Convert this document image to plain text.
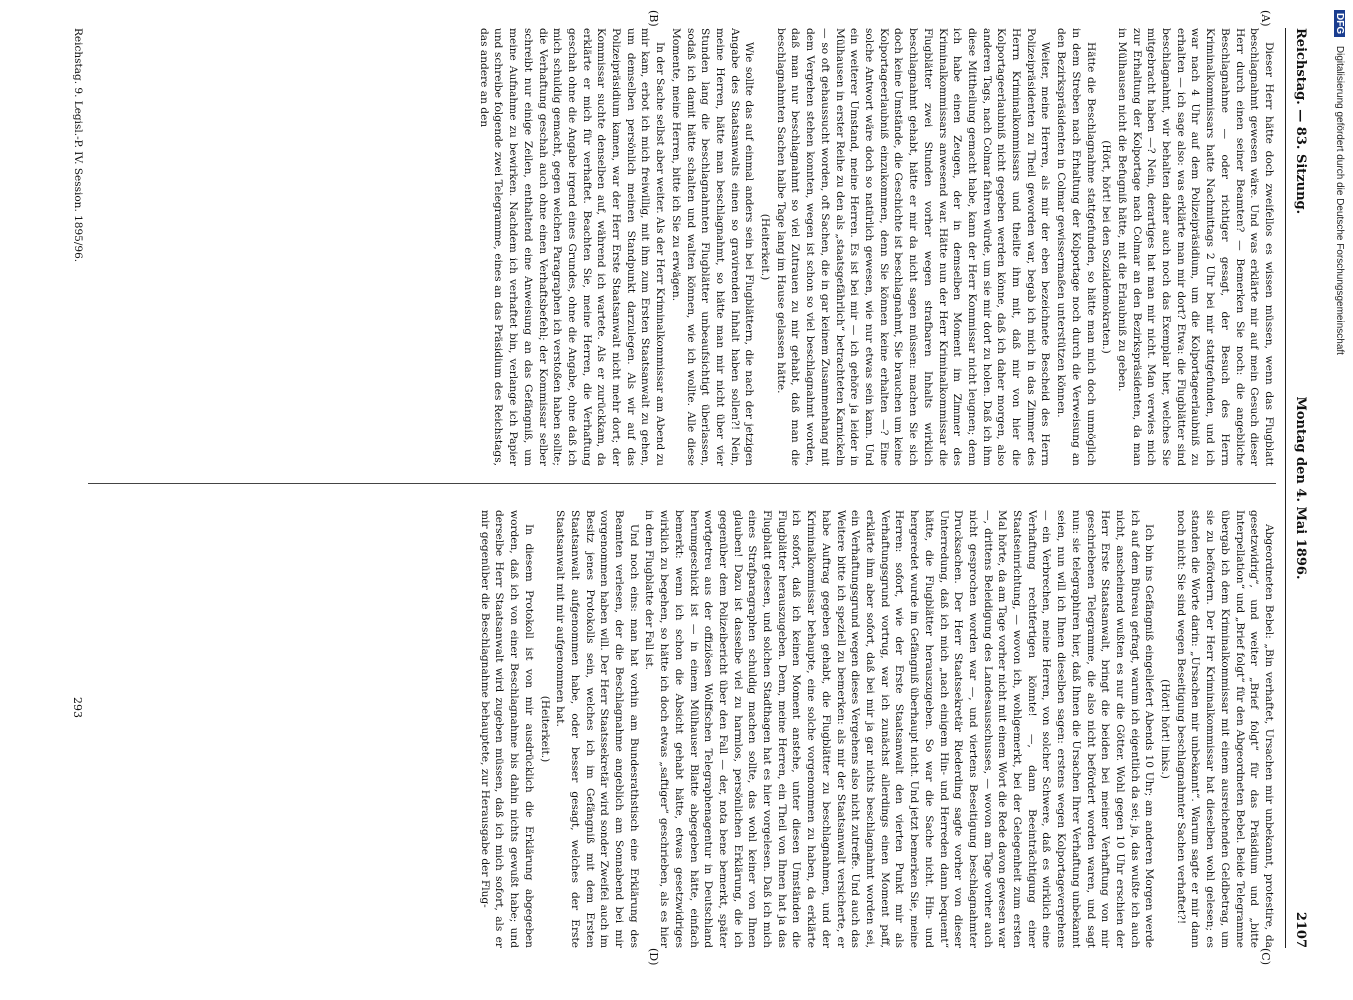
Reichstag. — 83. Sitzung.
Montag den 4. Mai 1896.
2107
(A)
(B)
(C)
(D)

Dieser Herr hätte doch zweifellos es wissen müssen, wenn das Flugblatt beschlagnahmt gewesen wäre. Und was erklärte mir auf mein Gesuch dieser Herr durch einen seiner Beamten? — Bemerken Sie noch: die angebliche Beschlagnahme — oder richtiger gesagt, der Besuch des Herrn Kriminalkommissars hatte Nachmittags 2 Uhr bei mir stattgefunden, und ich war nach 4 Uhr auf dem Polizeipräsidium, um die Kolportageerlaubniß zu erhalten — ich sage also: was erklärte man mir dort? Etwa: die Flugblätter sind beschlagnahmt, wir behalten daher auch noch das Exemplar hier, welches Sie mitgebracht haben —? Nein, derartiges hat man mir nicht. Man verwies mich zur Erhaltung der Kolportage nach Colmar an den Bezirkspräsidenten, da man in Mülhausen nicht die Befugniß hätte, mit die Erlaubniß zu geben.

(Hört, hört! bei den Sozialdemokraten.)

Hätte die Beschlagnahme stattgefunden, so hätte man mich doch unmöglich in dem Streben nach Erhaltung der Kolportage noch durch die Verweisung an den Bezirkspräsidenten in Colmar gewissermaßen unterstützen können.

Weiter, meine Herren, als mir der eben bezeichnete Bescheid des Herrn Polizeipräsidenten zu Theil geworden war, begab ich mich in das Zimmer des Herrn Kriminalkommissars und theilte ihm mit, daß mir von hier die Kolportageerlaubniß nicht gegeben werden könne, daß ich daher morgen, also anderen Tags, nach Colmar fahren würde, um sie mir dort zu holen. Daß ich ihm diese Mittheilung gemacht habe, kann der Herr Kommissar nicht leugnen; denn ich habe einen Zeugen, der in demselben Moment im Zimmer des Kriminalkommissars anwesend war. Hätte nun der Herr Kriminalkommissar die Flugblätter zwei Stunden vorher wegen strafbaren Inhalts wirklich beschlagnahmt gehabt, hätte er mir da nicht sagen müssen: machen Sie sich doch keine Umstände, die Geschichte ist beschlagnahmt, Sie brauchen um keine Kolportageerlaubniß einzukommen, denn Sie können keine erhalten —? Eine solche Antwort wäre doch so natürlich gewesen, wie nur etwas sein kann. Und ein weiterer Umstand, meine Herren. Es ist bei mir — ich gehöre ja leider in Mülhausen in erster Reihe zu den als „staatsgefährlich“ betrachteten Karnickeln — so oft gehaussucht worden, oft Sachen, die in gar keinem Zusammenhang mit dem Vergehen stehen konnten, wegen ist schon so viel beschlagnahmt worden, daß man nur beschlagnahmt so viel Zutrauen zu mir gehabt, daß man die beschlagnahmten Sachen halbe Tage lang im Hause gelassen hätte.

(Heiterkeit.)

Wie sollte das auf einmal anders sein bei Flugblättern, die nach der jetzigen Angabe des Staatsanwalts einen so gravirenden Inhalt haben sollen?! Nein, meine Herren, hätte man beschlagnahmt, so hätte man mir nicht über vier Stunden lang die beschlagnahmten Flugblätter unbeaufsichtigt überlassen, sodaß ich damit hätte schalten und walten können, wie ich wollte. Alle diese Momente, meine Herren, bitte ich Sie zu erwägen.

In der Sache selbst aber weiter. Als der Herr Kriminalkommissar am Abend zu mir kam, erbot ich mich freiwillig, mit ihm zum Ersten Staatsanwalt zu gehen, um demselben persönlich meinen Standpunkt darzulegen. Als wir auf das Polizeipräsidium kamen, war der Herr Erste Staatsanwalt nicht mehr dort; der Kommissar suchte denselben auf, während ich wartete. Als er zurückkam, da erklärte er mich für verhaftet. Beachten Sie, meine Herren, die Verhaftung geschah ohne die Angabe irgend eines Grundes, ohne die Angabe, ohne daß ich mich schuldig gemacht, gegen welchen Paragraphen ich verstoßen haben sollte; die Verhaftung geschah auch ohne einen Verhaftsbefehl; der Kommissar selber schreibt nur einige Zeilen, enthaltend eine Anweisung an das Gefängniß, um meine Aufnahme zu bewirken. Nachdem ich verhaftet bin, verlange ich Papier und schreibe folgende zwei Telegramme, eines an das Präsidium des Reichstags, das andere an den

Abgeordneten Bebel: „Bin verhaftet, Ursachen mir unbekannt, protestire, da gesetzwidrig“, und weiter „Brief folgt“ für das Präsidium und „bitte Interpellation“ und „Brief folgt“ für den Abgeordneten Bebel. Beide Telegramme übergab ich dem Kriminalkommissar mit einem ausreichenden Geldbetrag, um sie zu befördern. Der Herr Kriminalkommissar hat dieselben wohl gelesen; es standen die Worte darin: „Ursachen mir unbekannt“. Warum sagte er mir dann noch nicht: Sie sind wegen Beseitigung beschlagnahmter Sachen verhaftet?!

(Hört! hört! links.)

Ich bin ins Gefängniß eingeliefert Abends 10 Uhr; am anderen Morgen werde ich auf dem Büreau gefragt, warum ich eigentlich da sei; ja, das wußte ich auch nicht, anscheinend wußten es nur die Götter. Wohl gegen 10 Uhr erschien der Herr Erste Staatsanwalt, bringt die beiden bei meiner Verhaftung von mir geschriebenen Telegramme, die also nicht befördert worden waren, und sagt nun: sie telegraphiren hier, daß Ihnen die Ursachen Ihrer Verhaftung unbekannt seien, nun will ich Ihnen dieselben sagen: erstens wegen Kolportagevergehens — ein Verbrechen, meine Herren, von solcher Schwere, daß es wirklich eine Verhaftung rechtfertigen könnte! —, dann Beeinträchtigung einer Staatseinrichtung, — wovon ich, wohlgemerkt, bei der Gelegenheit zum ersten Mal hörte, da am Tage vorher nicht mit einem Wort die Rede davon gewesen war —, drittens Beleidigung des Landesausschusses, — wovon am Tage vorher auch nicht gesprochen worden war —, und viertens Beseitigung beschlagnahmter Drucksachen. Der Herr Staatssekretär Riederding sagte vorher von dieser Unterredung, daß ich mich „nach einigem Hin- und Herreden dann bequemt“ hätte, die Flugblätter herauszugeben. So war die Sache nicht. Hin- und hergeredet wurde im Gefängniß überhaupt nicht. Und jetzt bemerken Sie, meine Herren: sofort, wie der Erste Staatsanwalt den vierten Punkt mir als Verhaftungsgrund vortrug, war ich zunächst allerdings einen Moment paff, erklärte ihm aber sofort, daß bei mir ja gar nichts beschlagnahmt worden sei, ein Verhaftungsgrund wegen dieses Vergehens also nicht zutreffe. Und auch das Weitere bitte ich speziell zu bemerken: als mir der Staatsanwalt versicherte, er habe Auftrag gegeben gehabt, die Flugblätter zu beschlagnahmen, und der Kriminalkommissar behaupte, eine solche vorgenommen zu haben, da erklärte ich sofort, daß ich keinen Moment anstehe, unter diesen Umständen die Flugblätter herauszugeben. Denn, meine Herren, ein Theil von Ihnen hat ja das Flugblatt gelesen, und solchen Stadthagen hat es hier vorgelesen. Daß ich mich eines Strafparagraphen schuldig machen sollte, das wohl keiner von Ihnen glauben! Dazu ist dasselbe viel zu harmlos, persönlichen Erklärung, die ich gegenüber dem Polizeibericht über den Fall — der, nota bene bemerkt, später wortgetreu aus der offiziösen Wolffschen Telegraphenagentur in Deutschland herumgeschickt ist — in einem Mülhauser Blatte abgegeben hätte, einfach bemerkt: wenn ich schon die Absicht gehabt hätte, etwas gesetzwidriges wirklich zu begehen, so hätte ich doch etwas „saftiger“ geschrieben, als es hier in dem Flugblatte der Fall ist.

Und noch eins: man hat vorhin am Bundesrathstisch eine Erklärung des Beamten verlesen, der die Beschlagnahme angeblich am Sonnabend bei mir vorgenommen haben will. Der Herr Staatssekretär wird sonder Zweifel auch im Besitz jenes Protokolls sein, welches ich im Gefängniß mit dem Ersten Staatsanwalt aufgenommen habe, oder besser gesagt, welches der Erste Staatsanwalt mit mir aufgenommen hat.

(Heiterkeit.)

In diesem Protokoll ist von mir ausdrücklich die Erklärung abgegeben worden, daß ich von einer Beschlagnahme bis dahin nichts gewußt habe; und derselbe Herr Staatsanwalt wird zugeben müssen, daß ich mich sofort, als er mir gegenüber die Beschlagnahme behauptete, zur Herausgabe der Flug-

Reichstag. 9. Legisl.-P. IV. Session. 1895/96.
293
DFG Digitalisierung gefördert durch die Deutsche Forschungsgemeinschaft
